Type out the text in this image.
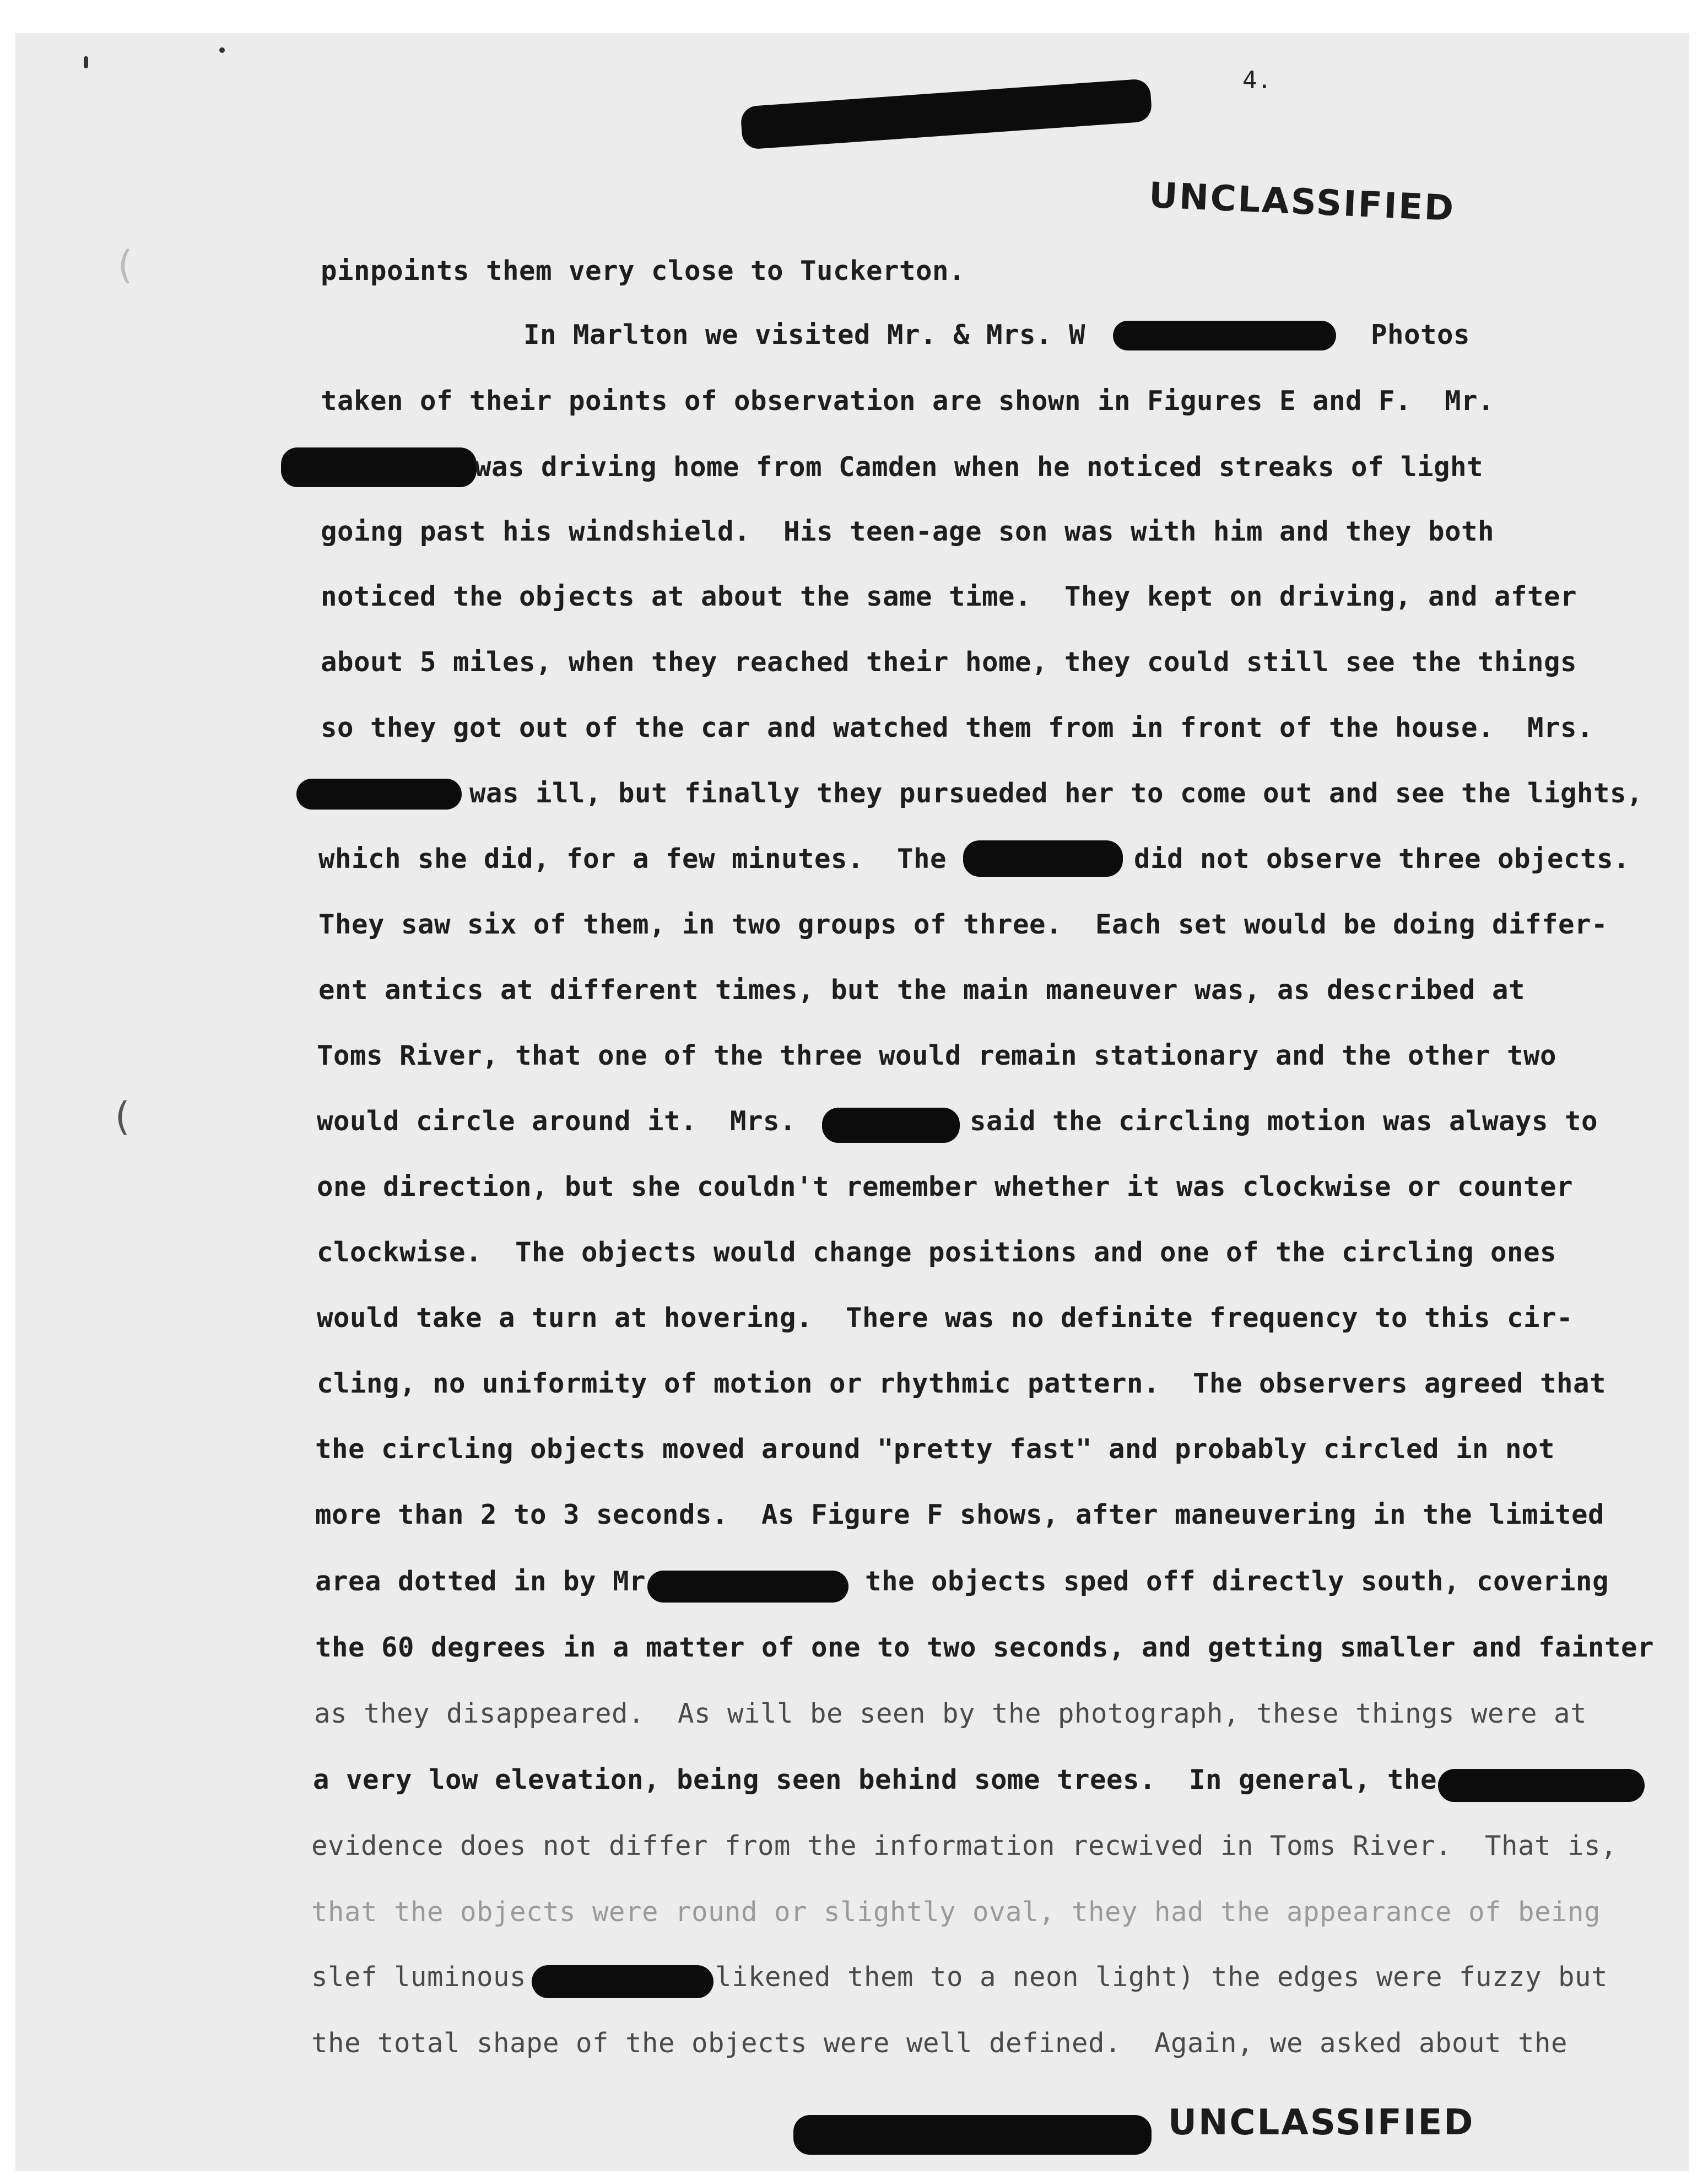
4.
UNCLASSIFIED
pinpoints them very close to Tuckerton.
In Marlton we visited Mr. & Mrs. W	Photos
taken of their points of observation are shown in Figures E and F.  Mr.
was driving home from Camden when he noticed streaks of light
going past his windshield.  His teen-age son was with him and they both
noticed the objects at about the same time.  They kept on driving, and after
about 5 miles, when they reached their home, they could still see the things
so they got out of the car and watched them from in front of the house.  Mrs.
was ill, but finally they pursueded her to come out and see the lights,
which she did, for a few minutes.  The	did not observe three objects.
They saw six of them, in two groups of three.  Each set would be doing differ-
ent antics at different times, but the main maneuver was, as described at
Toms River, that one of the three would remain stationary and the other two
would circle around it.  Mrs.	said the circling motion was always to
one direction, but she couldn't remember whether it was clockwise or counter
clockwise.  The objects would change positions and one of the circling ones
would take a turn at hovering.  There was no definite frequency to this cir-
cling, no uniformity of motion or rhythmic pattern.  The observers agreed that
the circling objects moved around "pretty fast" and probably circled in not
more than 2 to 3 seconds.  As Figure F shows, after maneuvering in the limited
area dotted in by Mr	the objects sped off directly south, covering
the 60 degrees in a matter of one to two seconds, and getting smaller and fainter
as they disappeared.  As will be seen by the photograph, these things were at
a very low elevation, being seen behind some trees.  In general, the
evidence does not differ from the information recwived in Toms River.  That is,
that the objects were round or slightly oval, they had the appearance of being
slef luminous	likened them to a neon light) the edges were fuzzy but
the total shape of the objects were well defined.  Again, we asked about the
UNCLASSIFIED
(
(
